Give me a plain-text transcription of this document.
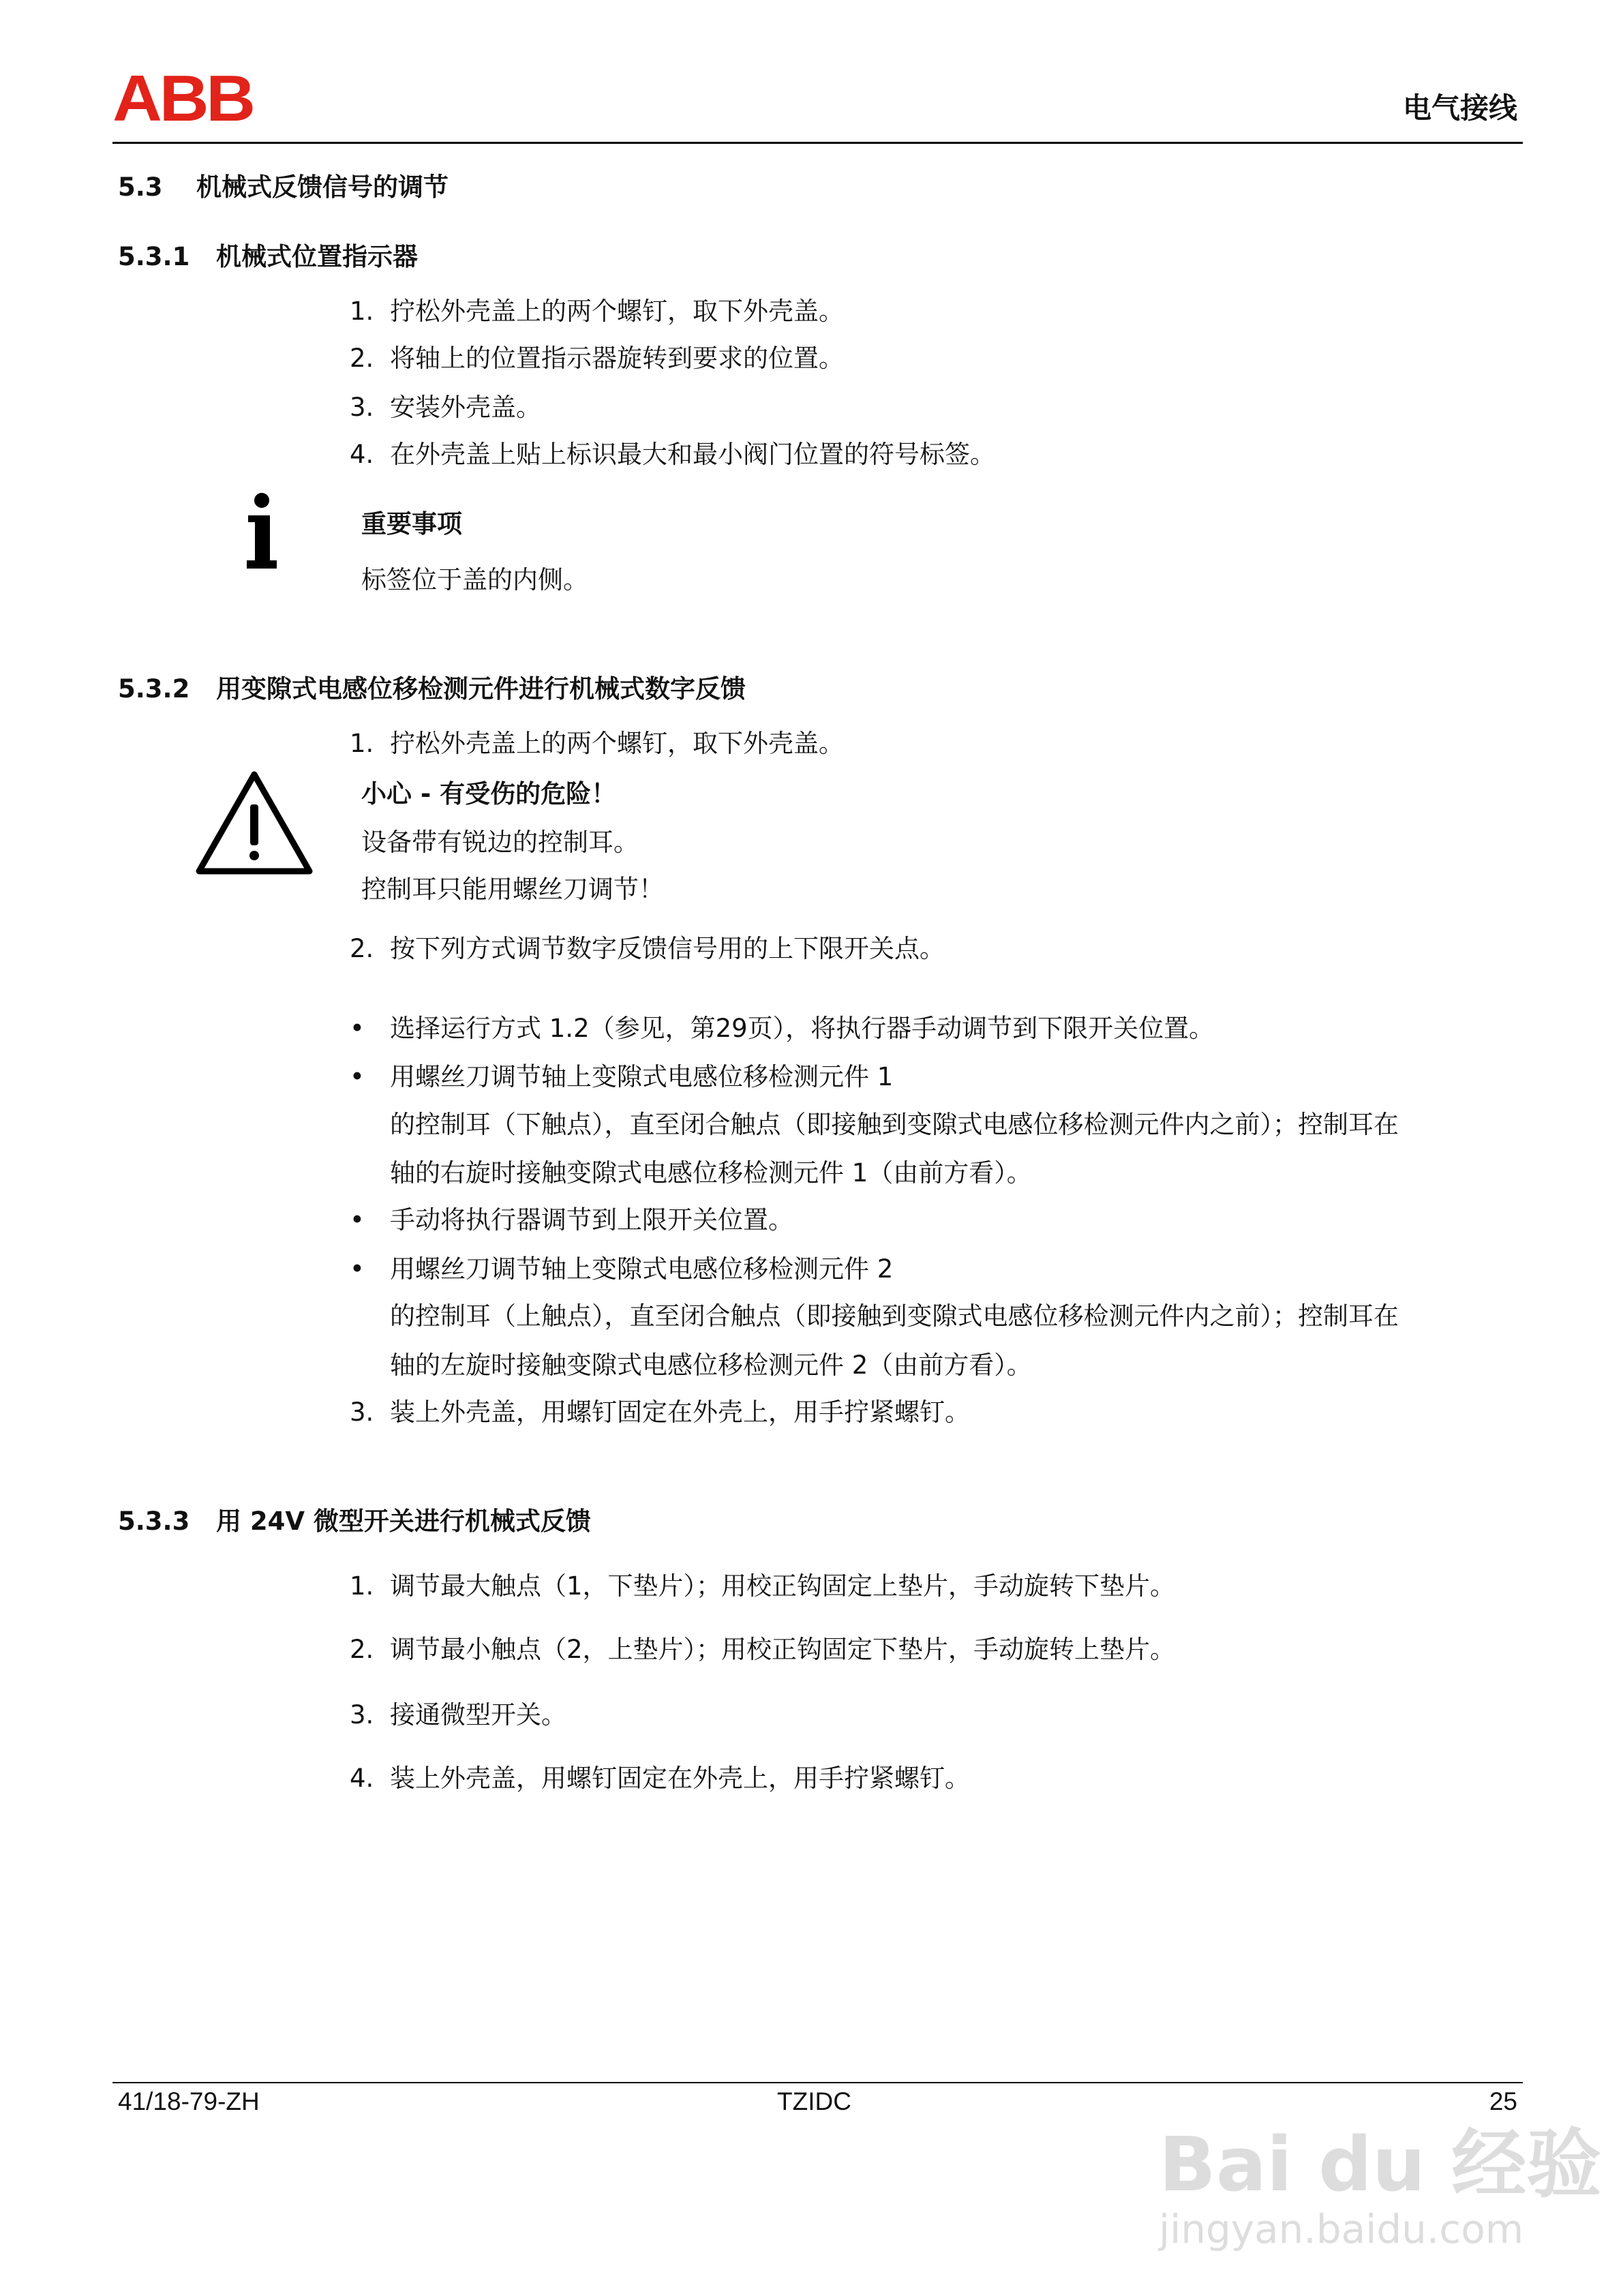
ABB	电气接线
5.3 机械式反馈信号的调节
5.3.1 机械式位置指示器
1. 拧松外壳盖上的两个螺钉，取下外壳盖。
2. 将轴上的位置指示器旋转到要求的位置。
3. 安装外壳盖。
4. 在外壳盖上贴上标识最大和最小阀门位置的符号标签。
重要事项
标签位于盖的内侧。
5.3.2 用变隙式电感位移检测元件进行机械式数字反馈
1. 拧松外壳盖上的两个螺钉，取下外壳盖。
小心 - 有受伤的危险！
设备带有锐边的控制耳。
控制耳只能用螺丝刀调节！
2. 按下列方式调节数字反馈信号用的上下限开关点。
• 选择运行方式 1.2（参见，第29页），将执行器手动调节到下限开关位置。
• 用螺丝刀调节轴上变隙式电感位移检测元件 1
的控制耳（下触点），直至闭合触点（即接触到变隙式电感位移检测元件内之前）；控制耳在
轴的右旋时接触变隙式电感位移检测元件 1（由前方看）。
• 手动将执行器调节到上限开关位置。
• 用螺丝刀调节轴上变隙式电感位移检测元件 2
的控制耳（上触点），直至闭合触点（即接触到变隙式电感位移检测元件内之前）；控制耳在
轴的左旋时接触变隙式电感位移检测元件 2（由前方看）。
3. 装上外壳盖，用螺钉固定在外壳上，用手拧紧螺钉。
5.3.3 用 24V 微型开关进行机械式反馈
1. 调节最大触点（1，下垫片）；用校正钩固定上垫片，手动旋转下垫片。
2. 调节最小触点（2，上垫片）；用校正钩固定下垫片，手动旋转上垫片。
3. 接通微型开关。
4. 装上外壳盖，用螺钉固定在外壳上，用手拧紧螺钉。
41/18-79-ZH	TZIDC	25
Bai du 经验
jingyan.baidu.com
